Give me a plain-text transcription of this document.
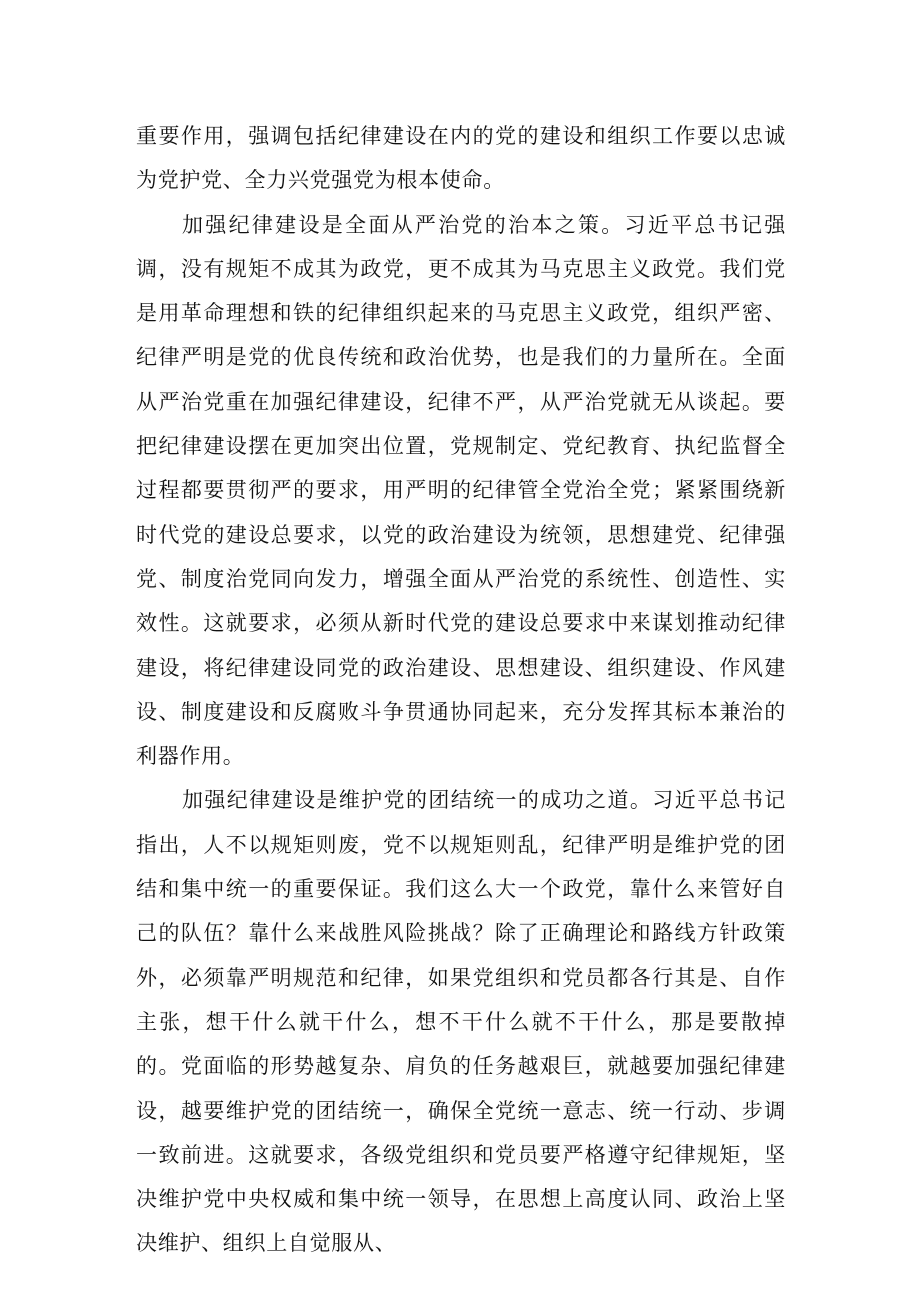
重要作用，强调包括纪律建设在内的党的建设和组织工作要以忠诚为党护党、全力兴党强党为根本使命。

加强纪律建设是全面从严治党的治本之策。习近平总书记强调，没有规矩不成其为政党，更不成其为马克思主义政党。我们党是用革命理想和铁的纪律组织起来的马克思主义政党，组织严密、纪律严明是党的优良传统和政治优势，也是我们的力量所在。全面从严治党重在加强纪律建设，纪律不严，从严治党就无从谈起。要把纪律建设摆在更加突出位置，党规制定、党纪教育、执纪监督全过程都要贯彻严的要求，用严明的纪律管全党治全党；紧紧围绕新时代党的建设总要求，以党的政治建设为统领，思想建党、纪律强党、制度治党同向发力，增强全面从严治党的系统性、创造性、实效性。这就要求，必须从新时代党的建设总要求中来谋划推动纪律建设，将纪律建设同党的政治建设、思想建设、组织建设、作风建设、制度建设和反腐败斗争贯通协同起来，充分发挥其标本兼治的利器作用。

加强纪律建设是维护党的团结统一的成功之道。习近平总书记指出，人不以规矩则废，党不以规矩则乱，纪律严明是维护党的团结和集中统一的重要保证。我们这么大一个政党，靠什么来管好自己的队伍？靠什么来战胜风险挑战？除了正确理论和路线方针政策外，必须靠严明规范和纪律，如果党组织和党员都各行其是、自作主张，想干什么就干什么，想不干什么就不干什么，那是要散掉的。党面临的形势越复杂、肩负的任务越艰巨，就越要加强纪律建设，越要维护党的团结统一，确保全党统一意志、统一行动、步调一致前进。这就要求，各级党组织和党员要严格遵守纪律规矩，坚决维护党中央权威和集中统一领导，在思想上高度认同、政治上坚决维护、组织上自觉服从、
